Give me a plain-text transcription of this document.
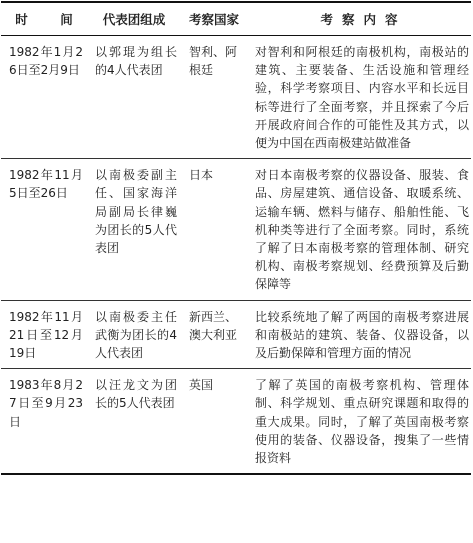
时　间	代表团组成	考察国家	考察内容
1982年1月26日至2月9日	以郭琨为组长的4人代表团	智利、阿根廷	对智利和阿根廷的南极机构，南极站的建筑、主要装备、生活设施和管理经验，科学考察项目、内容水平和长远目标等进行了全面考察，并且探索了今后开展政府间合作的可能性及其方式，以便为中国在西南极建站做准备
1982年11月5日至26日	以南极委副主任、国家海洋局副局长律巍为团长的5人代表团	日本	对日本南极考察的仪器设备、服装、食品、房屋建筑、通信设备、取暖系统、运输车辆、燃料与储存、船舶性能、飞机种类等进行了全面考察。同时，系统了解了日本南极考察的管理体制、研究机构、南极考察规划、经费预算及后勤保障等
1982年11月21日至12月19日	以南极委主任武衡为团长的4人代表团	新西兰、澳大利亚	比较系统地了解了两国的南极考察进展和南极站的建筑、装备、仪器设备，以及后勤保障和管理方面的情况
1983年8月27日至9月23日	以汪龙文为团长的5人代表团	英国	了解了英国的南极考察机构、管理体制、科学规划、重点研究课题和取得的重大成果。同时，了解了英国南极考察使用的装备、仪器设备，搜集了一些情报资料
